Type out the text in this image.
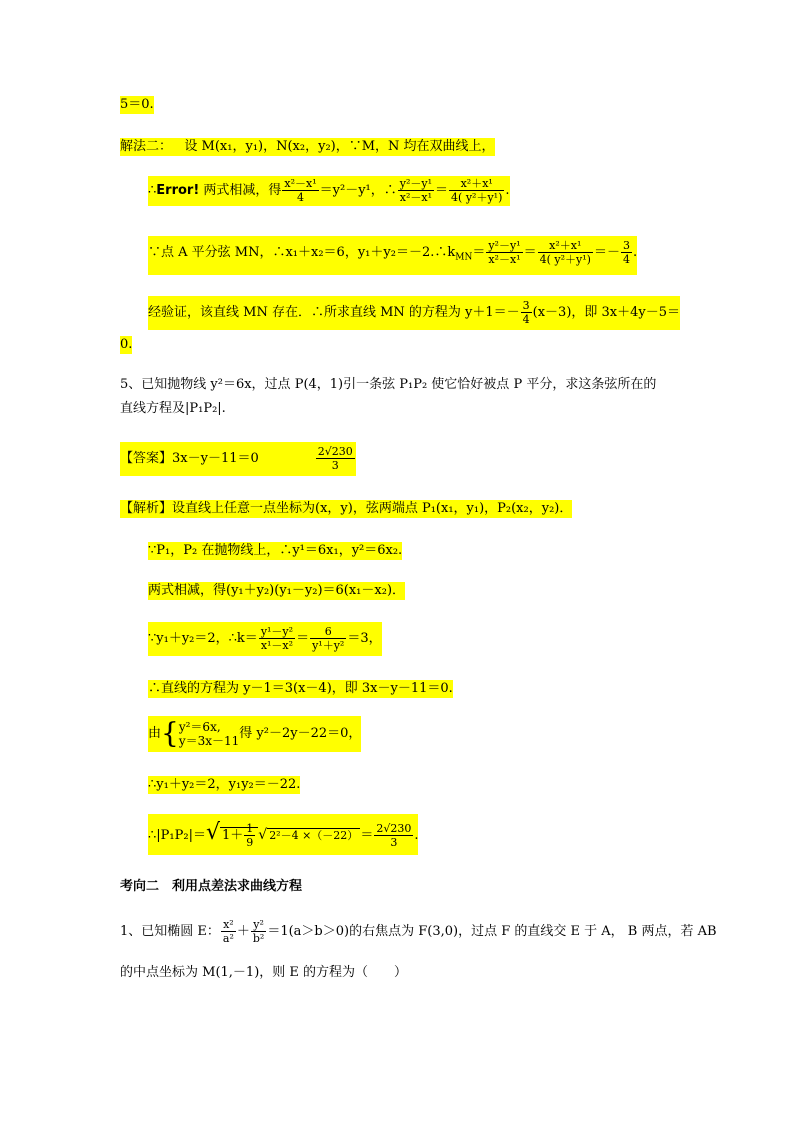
5＝0.
解法二： 设 M(x₁，y₁)，N(x₂，y₂)，∵M，N 均在双曲线上，
∴Error! 两式相减，得 $\frac{\text{x²－x¹}}{4} =y^2-y^1$，∴ $\frac{\text{y²－y¹}}{\text{x²－x¹}} = \frac{\text{x²＋x¹}}{\text{4( y²＋y¹)}}$ .
∵点 A 平分弦 MN，∴x₁＋x₂＝6，$y_1+y_2=-2.\therefore k_{MN}= \frac{\text{y²－y¹}}{\text{x²－x¹}} = \frac{\text{x²＋x¹}}{\text{4( y²＋y¹)}} =- \frac{3}{4}$ .
经验证，该直线 MN 存在．∴所求直线 MN 的方程为 $y+1=- \frac{3}{4} (x-3)$，即 3x＋4y－5＝
0.
5、已知抛物线 y²＝6x，过点 P(4，1)引一条弦 P₁P₂ 使它恰好被点 P 平分，求这条弦所在的
直线方程及|P₁P₂|.
【答案】3x－y－11＝0	$\frac{2√230}{3}$
【解析】设直线上任意一点坐标为(x，y)，弦两端点 P₁(x₁，y₁)，P₂(x₂，y₂)．
∵P₁，P₂ 在抛物线上，∴y¹＝6x₁，y²＝6x₂.
两式相减，得(y₁＋y₂)(y₁－y₂)＝6(x₁－x₂)．
∵y₁＋y₂＝2，∴k＝ $\frac{\text{y¹－y²}}{\text{x¹－x²}} = \frac{6}{\text{y¹＋y²}} =3$，
∴直线的方程为 y－1＝3(x－4)，即 3x－y－11＝0.
由{ y²＝6x,
y＝3x－11 得 y²－2y－22＝0，
∴y₁＋y₂＝2，y₁y₂＝－22.
∴|P₁P₂|＝√ $1+ \frac{1}{9}$ √ $2^2-4 \times(-22) = \frac{2√230}{3}$ .
考向二　利用点差法求曲线方程
1、已知椭圆 E： $\frac{\text{x²}}{\text{a²}} + \frac{\text{y²}}{\text{b²}} =1(a>b>0)$的右焦点为 F(3,0)，过点 F 的直线交 E 于 A， B 两点，若 AB
的中点坐标为 M(1,－1)，则 E 的方程为（　　）
